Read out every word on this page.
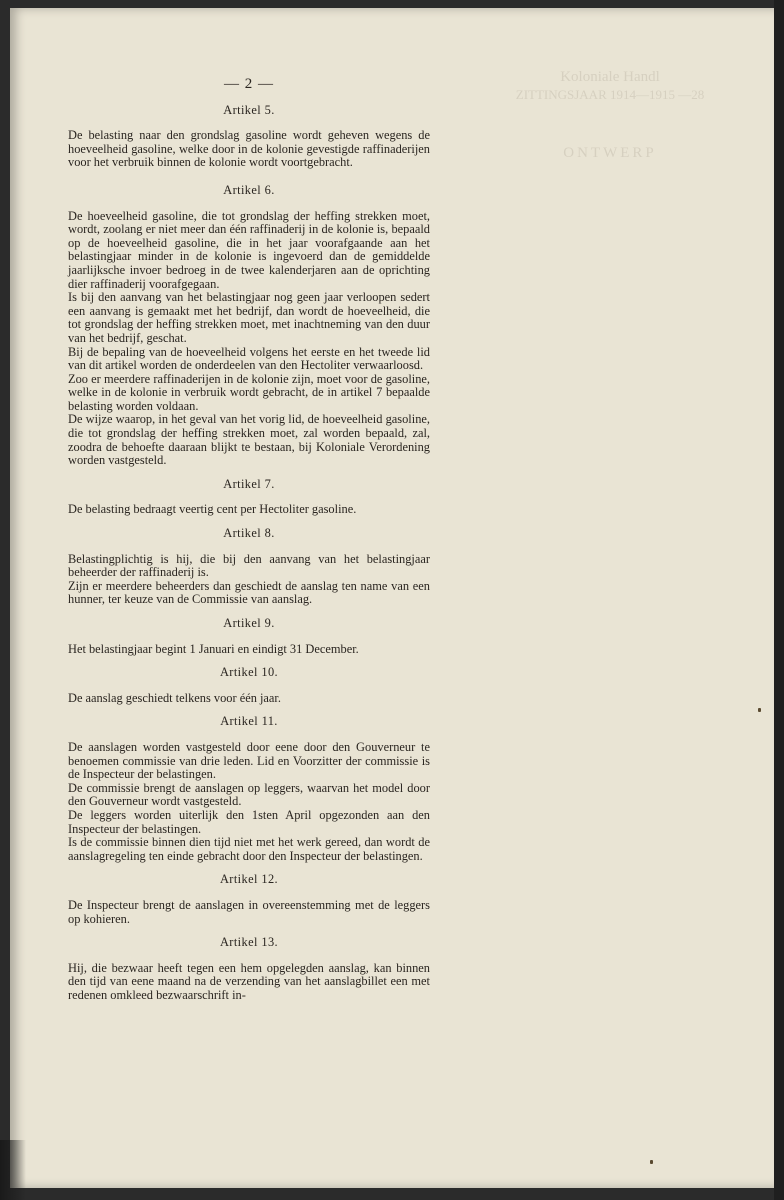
Koloniale Handl
ZITTINGSJAAR 1914—1915 —28
ONTWERP
— 2 —
Artikel 5.

De belasting naar den grondslag gasoline wordt geheven wegens de hoeveelheid gasoline, welke door in de kolonie gevestigde raffinaderijen voor het verbruik binnen de kolonie wordt voortgebracht.

Artikel 6.

De hoeveelheid gasoline, die tot grondslag der heffing strekken moet, wordt, zoolang er niet meer dan één raffinaderij in de kolonie is, bepaald op de hoeveelheid gasoline, die in het jaar voorafgaande aan het belastingjaar minder in de kolonie is ingevoerd dan de gemiddelde jaarlijksche invoer bedroeg in de twee kalenderjaren aan de oprichting dier raffinaderij voorafgegaan.

Is bij den aanvang van het belastingjaar nog geen jaar verloopen sedert een aanvang is gemaakt met het bedrijf, dan wordt de hoeveelheid, die tot grondslag der heffing strekken moet, met inachtneming van den duur van het bedrijf, geschat.

Bij de bepaling van de hoeveelheid volgens het eerste en het tweede lid van dit artikel worden de onderdeelen van den Hectoliter verwaarloosd.

Zoo er meerdere raffinaderijen in de kolonie zijn, moet voor de gasoline, welke in de kolonie in verbruik wordt gebracht, de in artikel 7 bepaalde belasting worden voldaan.

De wijze waarop, in het geval van het vorig lid, de hoeveelheid gasoline, die tot grondslag der heffing strekken moet, zal worden bepaald, zal, zoodra de behoefte daaraan blijkt te bestaan, bij Koloniale Verordening worden vastgesteld.

Artikel 7.

De belasting bedraagt veertig cent per Hectoliter gasoline.

Artikel 8.

Belastingplichtig is hij, die bij den aanvang van het belastingjaar beheerder der raffinaderij is.

Zijn er meerdere beheerders dan geschiedt de aanslag ten name van een hunner, ter keuze van de Commissie van aanslag.

Artikel 9.

Het belastingjaar begint 1 Januari en eindigt 31 December.

Artikel 10.

De aanslag geschiedt telkens voor één jaar.

Artikel 11.

De aanslagen worden vastgesteld door eene door den Gouverneur te benoemen commissie van drie leden. Lid en Voorzitter der commissie is de Inspecteur der belastingen.

De commissie brengt de aanslagen op leggers, waarvan het model door den Gouverneur wordt vastgesteld.

De leggers worden uiterlijk den 1sten April opgezonden aan den Inspecteur der belastingen.

Is de commissie binnen dien tijd niet met het werk gereed, dan wordt de aanslagregeling ten einde gebracht door den Inspecteur der belastingen.

Artikel 12.

De Inspecteur brengt de aanslagen in overeenstemming met de leggers op kohieren.

Artikel 13.

Hij, die bezwaar heeft tegen een hem opgelegden aanslag, kan binnen den tijd van eene maand na de verzending van het aanslagbillet een met redenen omkleed bezwaarschrift in-
